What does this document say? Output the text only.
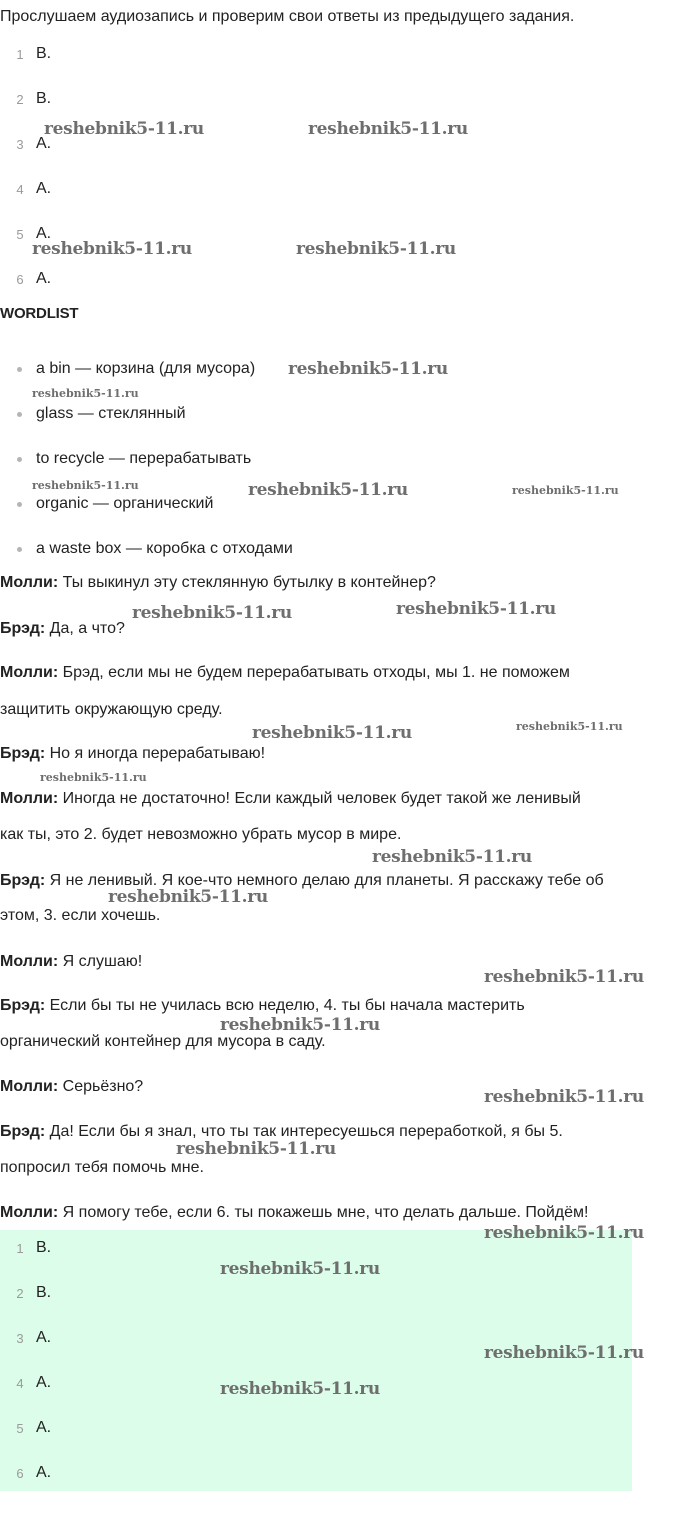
Прослушаем аудиозапись и проверим свои ответы из предыдущего задания.
1 B.
2 B.
3 A.
4 A.
5 A.
6 A.
WORDLIST
a bin — корзина (для мусора)
glass — стеклянный
to recycle — перерабатывать
organic — органический
a waste box — коробка с отходами
Молли: Ты выкинул эту стеклянную бутылку в контейнер?
Брэд: Да, а что?
Молли: Брэд, если мы не будем перерабатывать отходы, мы 1. не поможем
защитить окружающую среду.
Брэд: Но я иногда перерабатываю!
Молли: Иногда не достаточно! Если каждый человек будет такой же ленивый
как ты, это 2. будет невозможно убрать мусор в мире.
Брэд: Я не ленивый. Я кое-что немного делаю для планеты. Я расскажу тебе об
этом, 3. если хочешь.
Молли: Я слушаю!
Брэд: Если бы ты не училась всю неделю, 4. ты бы начала мастерить
органический контейнер для мусора в саду.
Молли: Серьёзно?
Брэд: Да! Если бы я знал, что ты так интересуешься переработкой, я бы 5.
попросил тебя помочь мне.
Молли: Я помогу тебе, если 6. ты покажешь мне, что делать дальше. Пойдём!
1 B.
2 B.
3 A.
4 A.
5 A.
6 A.
reshebnik5-11.ru	reshebnik5-11.ru
reshebnik5-11.ru	reshebnik5-11.ru
reshebnik5-11.ru
reshebnik5-11.ru
reshebnik5-11.ru	reshebnik5-11.ru	reshebnik5-11.ru
reshebnik5-11.ru	reshebnik5-11.ru
reshebnik5-11.ru	reshebnik5-11.ru
reshebnik5-11.ru
reshebnik5-11.ru
reshebnik5-11.ru
reshebnik5-11.ru
reshebnik5-11.ru
reshebnik5-11.ru
reshebnik5-11.ru
reshebnik5-11.ru
reshebnik5-11.ru
reshebnik5-11.ru
reshebnik5-11.ru
